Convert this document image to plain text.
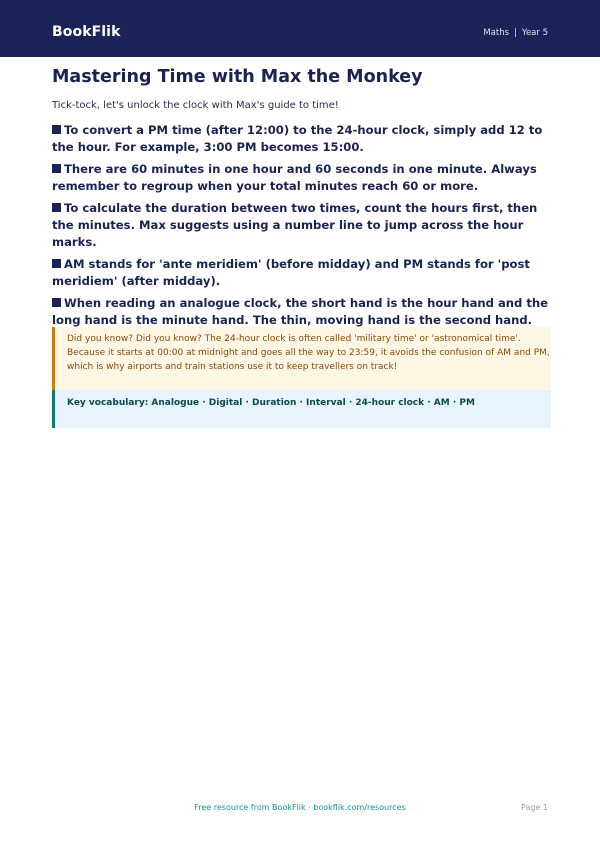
BookFlik	Maths | Year 5
Mastering Time with Max the Monkey
Tick-tock, let's unlock the clock with Max's guide to time!
To convert a PM time (after 12:00) to the 24-hour clock, simply add 12 to the hour. For example, 3:00 PM becomes 15:00.
There are 60 minutes in one hour and 60 seconds in one minute. Always remember to regroup when your total minutes reach 60 or more.
To calculate the duration between two times, count the hours first, then the minutes. Max suggests using a number line to jump across the hour marks.
AM stands for 'ante meridiem' (before midday) and PM stands for 'post meridiem' (after midday).
When reading an analogue clock, the short hand is the hour hand and the long hand is the minute hand. The thin, moving hand is the second hand.
Did you know? Did you know? The 24-hour clock is often called 'military time' or 'astronomical time'. Because it starts at 00:00 at midnight and goes all the way to 23:59, it avoids the confusion of AM and PM, which is why airports and train stations use it to keep travellers on track!
Key vocabulary: Analogue · Digital · Duration · Interval · 24-hour clock · AM · PM
Free resource from BookFlik · bookflik.com/resources	Page 1
